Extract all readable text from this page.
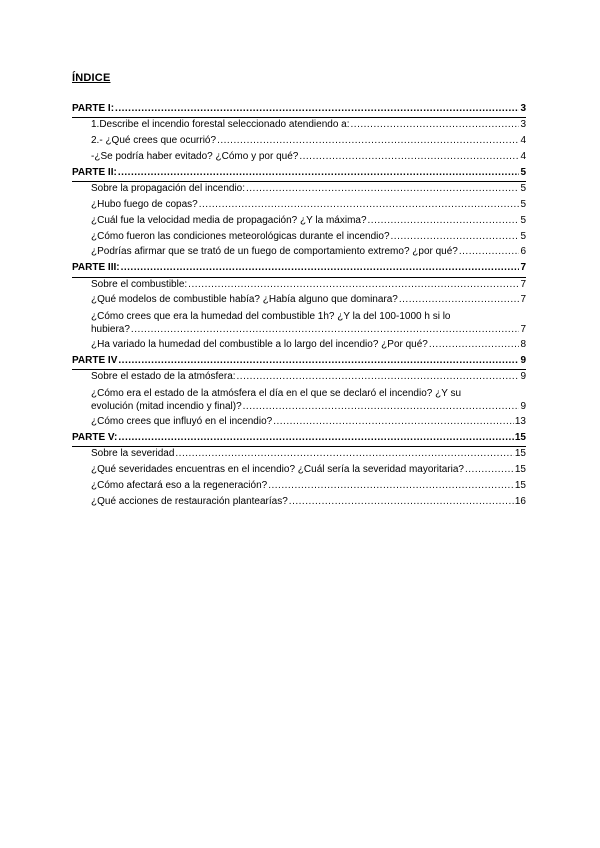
ÍNDICE
PARTE I: .....	3
1.Describe el incendio forestal seleccionado atendiendo a: .....	3
2.- ¿Qué crees que ocurrió? .....	4
-¿Se podría haber evitado? ¿Cómo y por qué? .....	4
PARTE II: .....	5
Sobre la propagación del incendio: .....	5
¿Hubo fuego de copas? .....	5
¿Cuál fue la velocidad media de propagación? ¿Y la máxima? .....	5
¿Cómo fueron las condiciones meteorológicas durante el incendio? .....	5
¿Podrías afirmar que se trató de un fuego de comportamiento extremo? ¿por qué? .....	6
PARTE III: .....	7
Sobre el combustible: .....	7
¿Qué modelos de combustible había? ¿Había alguno que dominara? .....	7
¿Cómo crees que era la humedad del combustible 1h? ¿Y la del 100-1000 h si lo
hubiera? .....	7
¿Ha variado la humedad del combustible a lo largo del incendio? ¿Por qué? .....	8
PARTE IV .....	9
Sobre el estado de la atmósfera: .....	9
¿Cómo era el estado de la atmósfera el día en el que se declaró el incendio? ¿Y su
evolución (mitad incendio y final)? .....	9
¿Cómo crees que influyó en el incendio? .....	13
PARTE V: .....	15
Sobre la severidad .....	15
¿Qué severidades encuentras en el incendio? ¿Cuál sería la severidad mayoritaria? .....	15
¿Cómo afectará eso a la regeneración? .....	15
¿Qué acciones de restauración plantearías? .....	16
